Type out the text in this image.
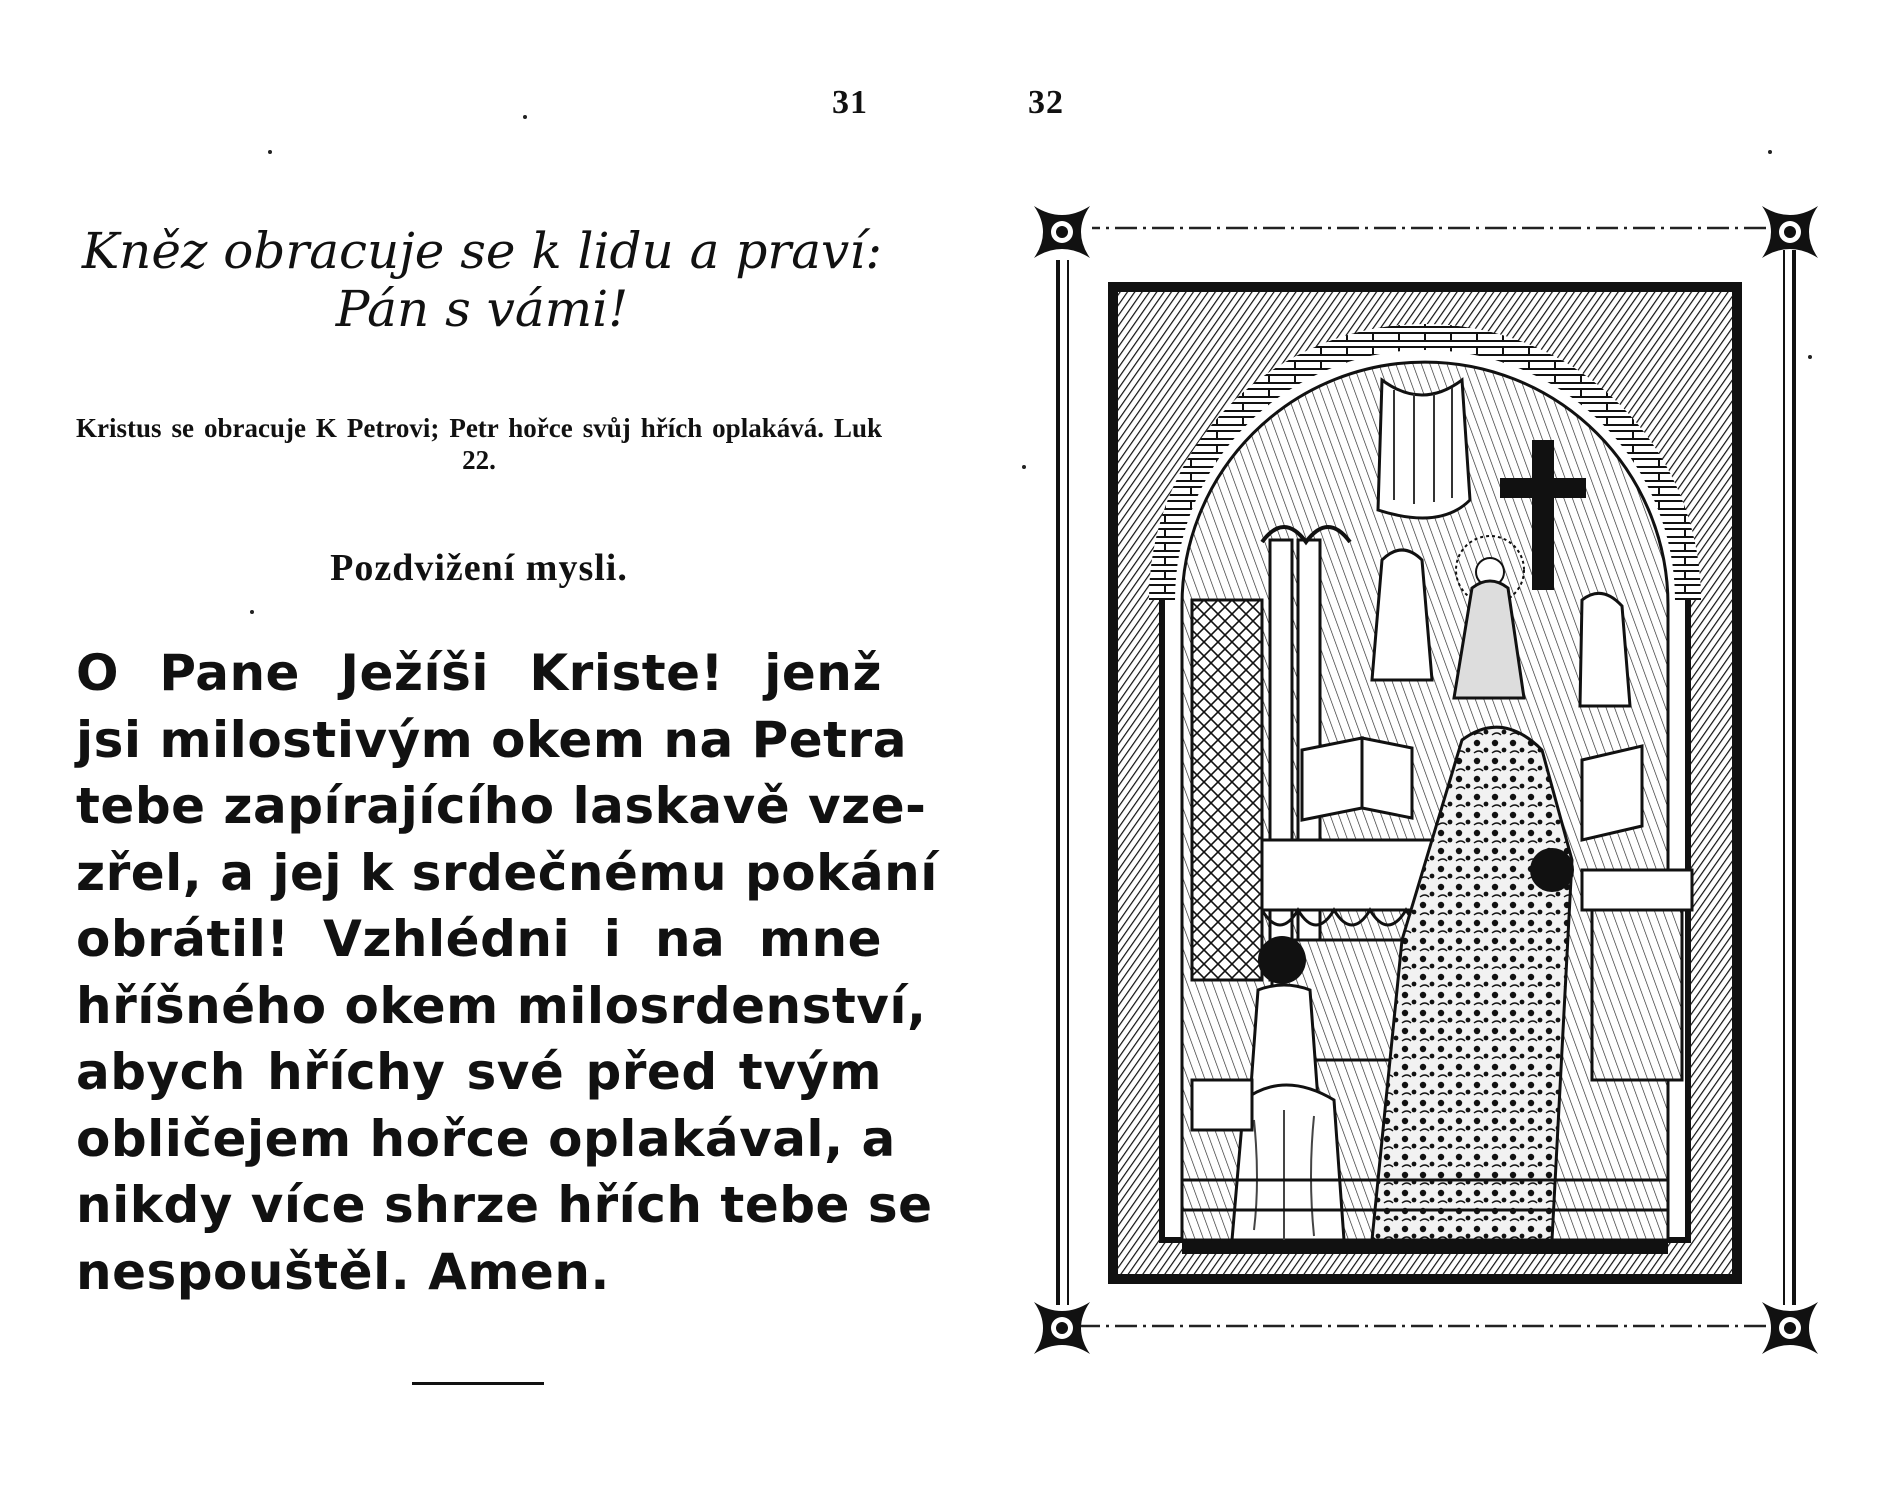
31	32
Kněz obracuje se k lidu a praví:
Pán s vámi!
Kristus se obracuje K Petrovi; Petr hořce svůj hřích oplakává. Luk 22.
Pozdvižení mysli.
O Pane Ježíši Kriste! jenž
jsi milostivým okem na Petra
tebe zapírajícího laskavě vze-
zřel, a jej k srdečnému pokání
obrátil! Vzhlédni i na mne
hříšného okem milosrdenství,
abych hříchy své před tvým
obličejem hořce oplakával, a
nikdy více shrze hřích tebe se
nespouštěl. Amen.
